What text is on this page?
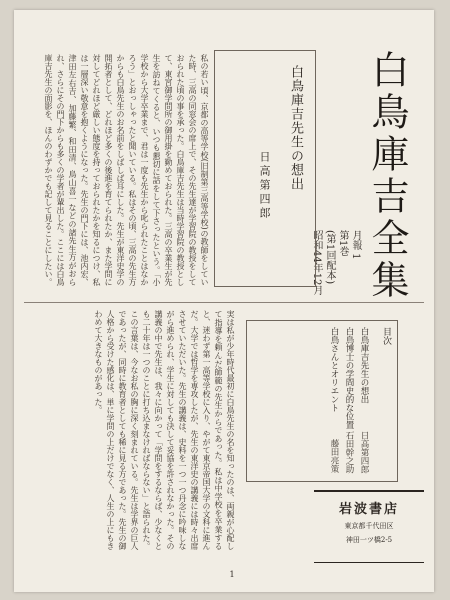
白鳥庫吉全集
月報 1
第1巻
(第1回配本)
昭和44年12月
白鳥庫吉先生の想出
日高第四郎
私の若い頃、京都の高等学校(旧制第三高等学校)の教師をしていた時、三高の同窓会の席上で、その先生達が学習院の教授をしておられた頃の事を承った。白鳥庫吉先生は当時学習院の教授として、東宮御学問所の御用掛を勤めておられた。三高の卒業生が先生を訪ねてくると、いつも懇切に話をして下さったという。「小学校から大学卒業まで、君は一度も先生から叱られたことはなかろう」とおっしゃったと聞いている。私はその頃、三高の先生方からも白鳥先生のお名前をしばしば耳にした。先生が東洋史学の開拓者として、どれほど多くの後進を育てられたか、また学問に対してどれほど厳しい態度を持っておられたかを知るにつけ、私は一層深い敬意を抱くようになった。先生の門下には、池内宏、津田左右吉、加藤繁、和田清、鳥山喜一などの諸先生方がおられ、さらにその門下からも多くの学者が輩出した。ここには白鳥庫吉先生の面影を、ほんのわずかでも記して見ることにしたい。
実は私が少年時代最初に白鳥先生の名を知ったのは、両親が心配して指導を頼んだ師範の先生からであった。私は中学校を卒業すると、迷わず第一高等学校に入り、やがて東京帝国大学の文科に進んだ。大学では哲学を専攻したが、先生の東洋史の講義には時々出席させていただいた。先生の講義は、史料を一つ一つ丹念に吟味しながら進められ、学生に対しても決して妥協を許されなかった。その講義の中で先生は、我々に向かって「学問をするならば、少なくとも二十年は一つのことに打ち込まなければならない」と語られた。この言葉は、今なお私の胸に深く刻まれている。先生は学界の巨人であったが、同時に教育者としても稀に見る方であった。先生の御人格から受けた感化は、単に学問の上だけでなく、人生の上にもきわめて大きなものがあった。	目次
白鳥庫吉先生の想出
日高第四郎
白鳥博士の学問史的な位置
石田幹之助
白鳥さんとオリエント
藤田亮策
岩波書店
東京都千代田区
神田一ツ橋2-5
1
